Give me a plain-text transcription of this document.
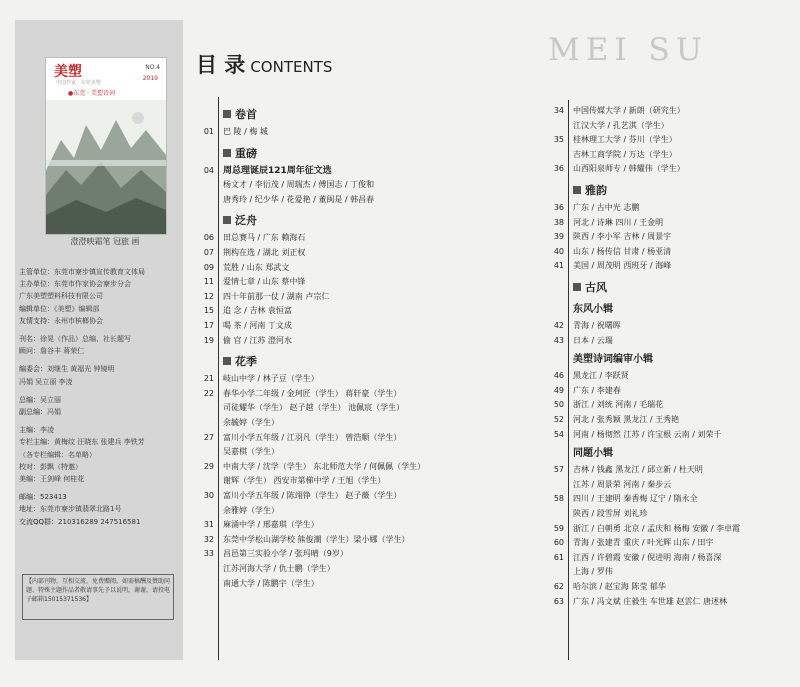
美塑
中国作家 · 东莞美塑
NO.4
2019
●东莞 · 美塑诗词
澄澄映霜笔 冠旅 画
主管单位：东莞市寮步镇宣传教育文体局
主办单位：东莞市作家协会寮步分会
广东美塑塑料科技有限公司
编辑单位：《美塑》编辑部
友情支持：永州市槟榔协会
刊名：徐晃（作品）总编、社长题写
顾问：詹谷丰 蒋荣仁
编委会：刘继生 黄福光 钟镜明
冯娟 吴立丽 李凌
总编：吴立丽
副总编：冯娟
主编：李凌
专栏主编：黄梅纹 汪晓东 张建兵 李铁芳
（各专栏编辑：名单略）
校对：彭飘（特邀）
美编：王剑峰 何桂花
邮编：523413
地址：东莞市寮步镇翡翠北路1号
交流QQ群：210316289 247516581
【内部刊物，互相交流，免费赠阅。如需稿酬及赞助同题、特殊主题作品者敬请事先予以说明，谢谢，请投电子邮箱15015371536】
目 录 CONTENTS	MEI SU
卷首
01 巴 陵 / 梅 城
重磅
04 周总理诞辰121周年征文选
杨文才 / 李衍茂 / 周瑞杰 / 傅国志 / 丁俊和
唐秀玲 / 纪少华 / 花爱艳 / 董闽是 / 韩昌春
泛舟
06 田总赛马 / 广东 赖海石
07 荆构在选 / 湖北 刘正权
09 荒胜 / 山东 郑武文
11 爱情七章 / 山东 蔡中锋
12 四十年前那一仗 / 湖南 卢宗仁
15 追 念 / 吉林 袁恒富
17 喝 茶 / 河南 丁文成
19 偷 官 / 江苏 澄河水
花季
21 岐山中学 / 林子豆（学生）
22 春华小学二年级 / 金珂匠（学生） 蒋轩豪（学生）
司徒耀华（学生） 赵子越（学生） 池佩宸（学生）
余毓婷（学生）
27 富川小学五年级 / 江羽凡（学生） 曾浩顺（学生）
吴嘉棋（学生）
29 中南大学 / 沈学（学生） 东北师范大学 / 何佩佩（学生）
谢辉（学生） 西安市第梯中学 / 王旭（学生）
30 富川小学五年级 / 陈翊铮（学生） 赵子薇（学生）
余雅婷（学生）
31 麻涌中学 / 邢嘉琪（学生）
32 东莞中学松山湖学校 熊俊潮（学生）梁小娜（学生）
33 昌邑第三实验小学 / 张玛晴（9岁）
江苏河海大学 / 仇士鹏（学生）
南通大学 / 陈鹏宇（学生）
34 中国传媒大学 / 新朗（研究生）
江汉大学 / 孔艺淇（学生）
35 桂林理工大学 / 芬川（学生）
吉林工商学院 / 万达（学生）
36 山西阳泉师专 / 韩耀伟（学生）
雅韵
36 广东 / 古中光 志鹏
38 河北 / 诗琳 四川 / 王金明
39 陕西 / 李小军 吉林 / 周景宇
40 山东 / 杨传信 甘肃 / 杨亚清
41 美国 / 周茂明 西班牙 / 海峰
古风
东风小辑
42 青海 / 祝曙晖
43 日本 / 云瑞
美塑诗词编审小辑
46 黑龙江 / 李跃贤
49 广东 / 李建春
50 浙江 / 刘统 河南 / 毛瑞花
52 河北 / 张秀颖 黑龙江 / 王秀艳
54 河南 / 杨彻然 江苏 / 许宝根 云南 / 刘荣千
同题小辑
57 吉林 / 钱鑫 黑龙江 / 邱立新 / 杜天明
江苏 / 周景荣 河南 / 秦步云
58 四川 / 王建明 秦香梅 辽宁 / 隋永全
陕西 / 段雪屏 刘礼珍
59 浙江 / 白朝勇 北京 / 孟庆和 杨梅 安徽 / 李卓霞
60 青海 / 张建青 重庆 / 叶光辉 山东 / 田宇
61 江西 / 许碧霞 安徽 / 倪进明 海南 / 杨喜深
上海 / 罗伟
62 哈尔滨 / 赵宝海 陈莹 郁华
63 广东 / 冯文斌 庄毅生 车世雄 赵雲仁 唐述林
